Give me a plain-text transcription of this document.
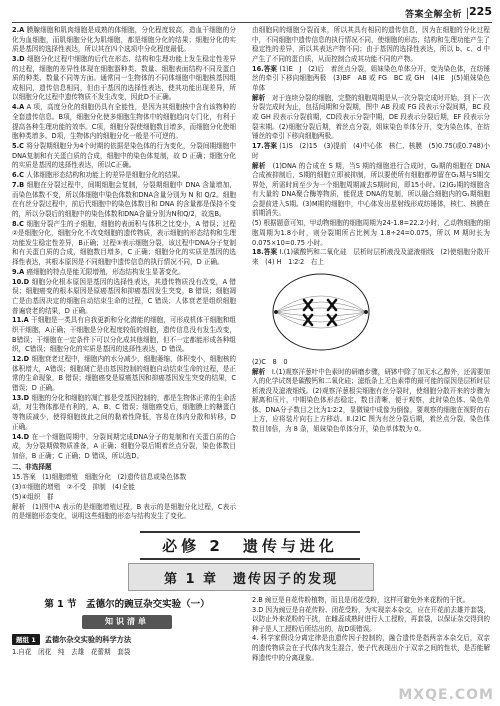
答案全解全析 225

2.A 膜腺细胞和肌肉细胞是成熟的体细胞，分化程度较高，造血干细胞的分化为血细胞，而肌细胞分化为肌细胞，都是细胞分化的结果；细胞分化的实质是基因的选择性表达，所以其在四个选项中分化程度最低。

3.D 细胞分化过程中细胞的后代在形态、结构和生理功能上发生稳定性差异的过程，细胞的差异性体现在细胞器种类、数量、细胞表面结构不同及蛋白质的种类、数量不同等方面。通常同一生物体的不同体细胞中细胞核基因组成相同，遗传信息相同，但由于基因的选择性表达，使其功能出现差异，所以细胞分化过程中遗传物质不发生改变，因此D不正确。

4.A A 项，高度分化的细胞仍具有全能性，是因为其细胞核中含有该物种的全套遗传信息。B项，细胞分化使多细胞生物体中的细胞趋向专门化，有利于提高各种生理功能的效率。C项，细胞分裂使细胞数目增多，而细胞分化使细胞种类增多。D项，生物体内的细胞分化一般是不可逆的。

5.C 将分裂期细胞分为4个时期的依据是染色体的行为变化，分裂间期细胞中DNA复制和有关蛋白质的合成，细胞中的染色体复制，故 D 正确；细胞分化的实质是基因的选择性表达，所以C正确。

6.C 人体细胞形态结构和功能上的差异是细胞分化的结果。

7.B 细胞在分裂过程中，间期细胞会复制，分裂期细胞中 DNA 含量增加，而染色体数不变，所以体细胞中染色体数和DNA含量分别为 N 和 Q/2。细胞在有丝分裂过程中，前后代细胞中的染色体数目和 DNA 的含量都是保持不变的，所以分裂后的细胞中的染色体数和DNA含量分别为N和Q/2，故选B。

8.C 细胞分裂产生的子细胞，细胞的表面积与体积之比变小，A 错误；过程②是细胞分化，细胞分化不改变细胞的遗传物质，表示细胞的形态结构和生理功能发生稳定性差异，B正确；过程③表示细胞分裂，该过程中DNA分子复制和有关蛋白质的合成，细胞数目增多，C 正确；细胞分化的实质是基因的选择性表达，其根本原因是不同细胞中遗传信息的执行情况不同，D 正确。

9.A 癌细胞的特点是能无限增殖，形态结构发生显著变化。

10.D 细胞分化根本原因是基因的选择性表达，其遗传物质没有改变，A 错误；细胞癌变的根本原因是原癌基因和抑癌基因发生突变，B 错误；细胞凋亡是由基因决定的细胞自动结束生命的过程，C 错误；人体衰老是组织细胞普遍衰老的结果，D 正确。

11.A 干细胞是一类具有自我更新和分化潜能的细胞，可形成机体干细胞和组织干细胞，A正确；干细胞是分化程度较低的细胞，遗传信息没有发生改变，B错误；干细胞在一定条件下可以分化成其他细胞，但不一定都能形成各种组织，C错误；细胞分化的实质是基因的选择性表达，D 错误。

12.D 细胞衰老过程中，细胞内的水分减少，细胞萎缩，体积变小，细胞核的体积增大，A错误；细胞凋亡是由基因控制的细胞自动结束生命的过程，是正常的生命现象，B 错误；细胞癌变是原癌基因和抑癌基因发生突变的结果，C 错误；D 正确。

13.D 细胞的分化和细胞的凋亡都是受基因控制的，都是生物体正常的生命活动，对生物体都是有利的，A、B、C 错误；细胞癌变后，细胞膜上的糖蛋白等物质减少，使得细胞彼此之间的黏着性降低，容易在体内分散和转移，D 正确。

14.D 在一个细胞周期中，分裂间期完成DNA分子的复制和有关蛋白质的合成，为分裂期做物质准备，A 正确；细胞分裂后期着丝点分裂，染色体数目加倍，B 正确；C 正确；D 错误，所以选D。

二、非选择题

15.答案　(1)细胞增殖　细胞分化　(2)遗传信息或染色体数

(3)①细胞的增殖　②不受　抑制　(4)全能

(5)④组织　群

解析　(1)图中A 表示的是细胞增殖过程，B 表示的是细胞分化过程，C表示的是细胞形态变化，说明这些细胞的形态与结构发生了变化。

由细胞同的细胞分裂而来，所以其具有相同的遗传信息，因为在细胞的分化过程中，不同细胞中遗传信息的执行情况不同，使细胞的形态、结构和生理功能产生了稳定性的差异，所以其表达产物不同；由于基因的选择性表达，所以 b、c、d 中产生了不同的蛋白质，从而控制合成其功能不同的产物。

16.答案 (1)E　J　(2)后　着丝点分裂，姐妹染色单体分开，变为染色体，在纺锤丝的牵引下移向细胞两极　(3)BF　AB 或 FG　BC 或 GH　(4)E　J(5)姐妹染色单体

解析　对于连续分裂的细胞，完整的细胞周期是从一次分裂完成时开始，到下一次分裂完成时为止，包括间期和分裂期，图中 AB 段或 FG 段表示分裂间期，BC 段或 GH 段表示分裂前期，CD段表示分裂中期，DE 段表示分裂后期，EF 段表示分裂末期。(2)细胞分裂后期，着丝点分裂，姐妹染色单体分开，变为染色体，在纺锤丝的牵引下移向细胞两极。

17.答案 (1)S　(2)15　(3)提前　(4)中心体　核仁、核膜　(5)0.75(或0.748)小时

解析　(1)DNA 的合成在 S 期，当S 期的细胞进行合成时，G₂期的细胞在 DNA 合成被抑制后，S期的细胞立即被抑制，所以要使所有细胞都停留在G₁期与S期交界处，所需时间至少为一个细胞周期减去S期时间，即15小时。(2)G₂期的细胞含有大量的 DNA聚合酶等物质，能促进 DNA的复制，所以融合细胞内的G₁期细胞会提前进入S期。(3)M期的细胞中，中心体发出星射线形成纺锤体，核仁、核膜在前期消失。

(5) 根据题意可知，甲动物细胞的细胞周期为24-1.8=22.2小时，乙动物细胞的细胞周期为1.8小时，则分裂期所占比例为 1.8÷24=0.075，所以 M 期时长为 0.075×10=0.75 小时。

18.答案 Ⅰ.(1)碳酸钙和二氧化硅　层析时层析液没及滤液细线　(2)使细胞分散开来　(4) H　1∶2∶2　右上

(2)C　8　0

解析　Ⅰ.(1)观察洋葱叶中色素时的研磨步骤，研钵中除了加无水乙醇外，还需要加入的化学试剂是碳酸钙和二氧化硅；滤纸条上无色素带的最可能的原因是层析时层析液没及滤液细线。(2)观察洋葱根尖细胞有丝分裂时，使细胞分散开来的步骤为解离和压片，中期染色体形态稳定、数目清晰，便于观察，此时染色体、染色单体、DNA分子数目之比为1∶2∶2，显微镜中成像为倒像，要观察的细胞在视野的右上方，应将装片向右上方移动。Ⅱ.(2)C 图为有丝分裂后期，着丝点分裂，染色体数目加倍，为 8 条，姐妹染色单体分开，染色单体数为 0。

必修 2　遗传与进化
第 1 章　遗传因子的发现

第 1 节　孟德尔的豌豆杂交实验（一）

知识清单
题组 1	孟德尔杂交实验的科学方法
1.自花　闭花　纯　去雄　花蕾期　套袋

2.B 豌豆是自花传粉植物，而且是闭花受粉，这样可避免外来花粉的干扰。

3.D 因为豌豆是自花传粉、闭花受粉，为实现亲本杂交，应在开花前去雄并套袋，以防止外来花粉的干扰，在雌蕊成熟时进行人工授粉，再套袋，以保证杂交得到的种子是人工授粉后所结出的，故D项错误。

4. 科学家假设分离定律是由遗传因子控制的，融合遗传是指两亲本杂交后，双亲的遗传物质会在子代体内发生混合，使子代表现出介于双亲之间的性状，是否能解释遗传中的分离现象。

MXQE.COM
